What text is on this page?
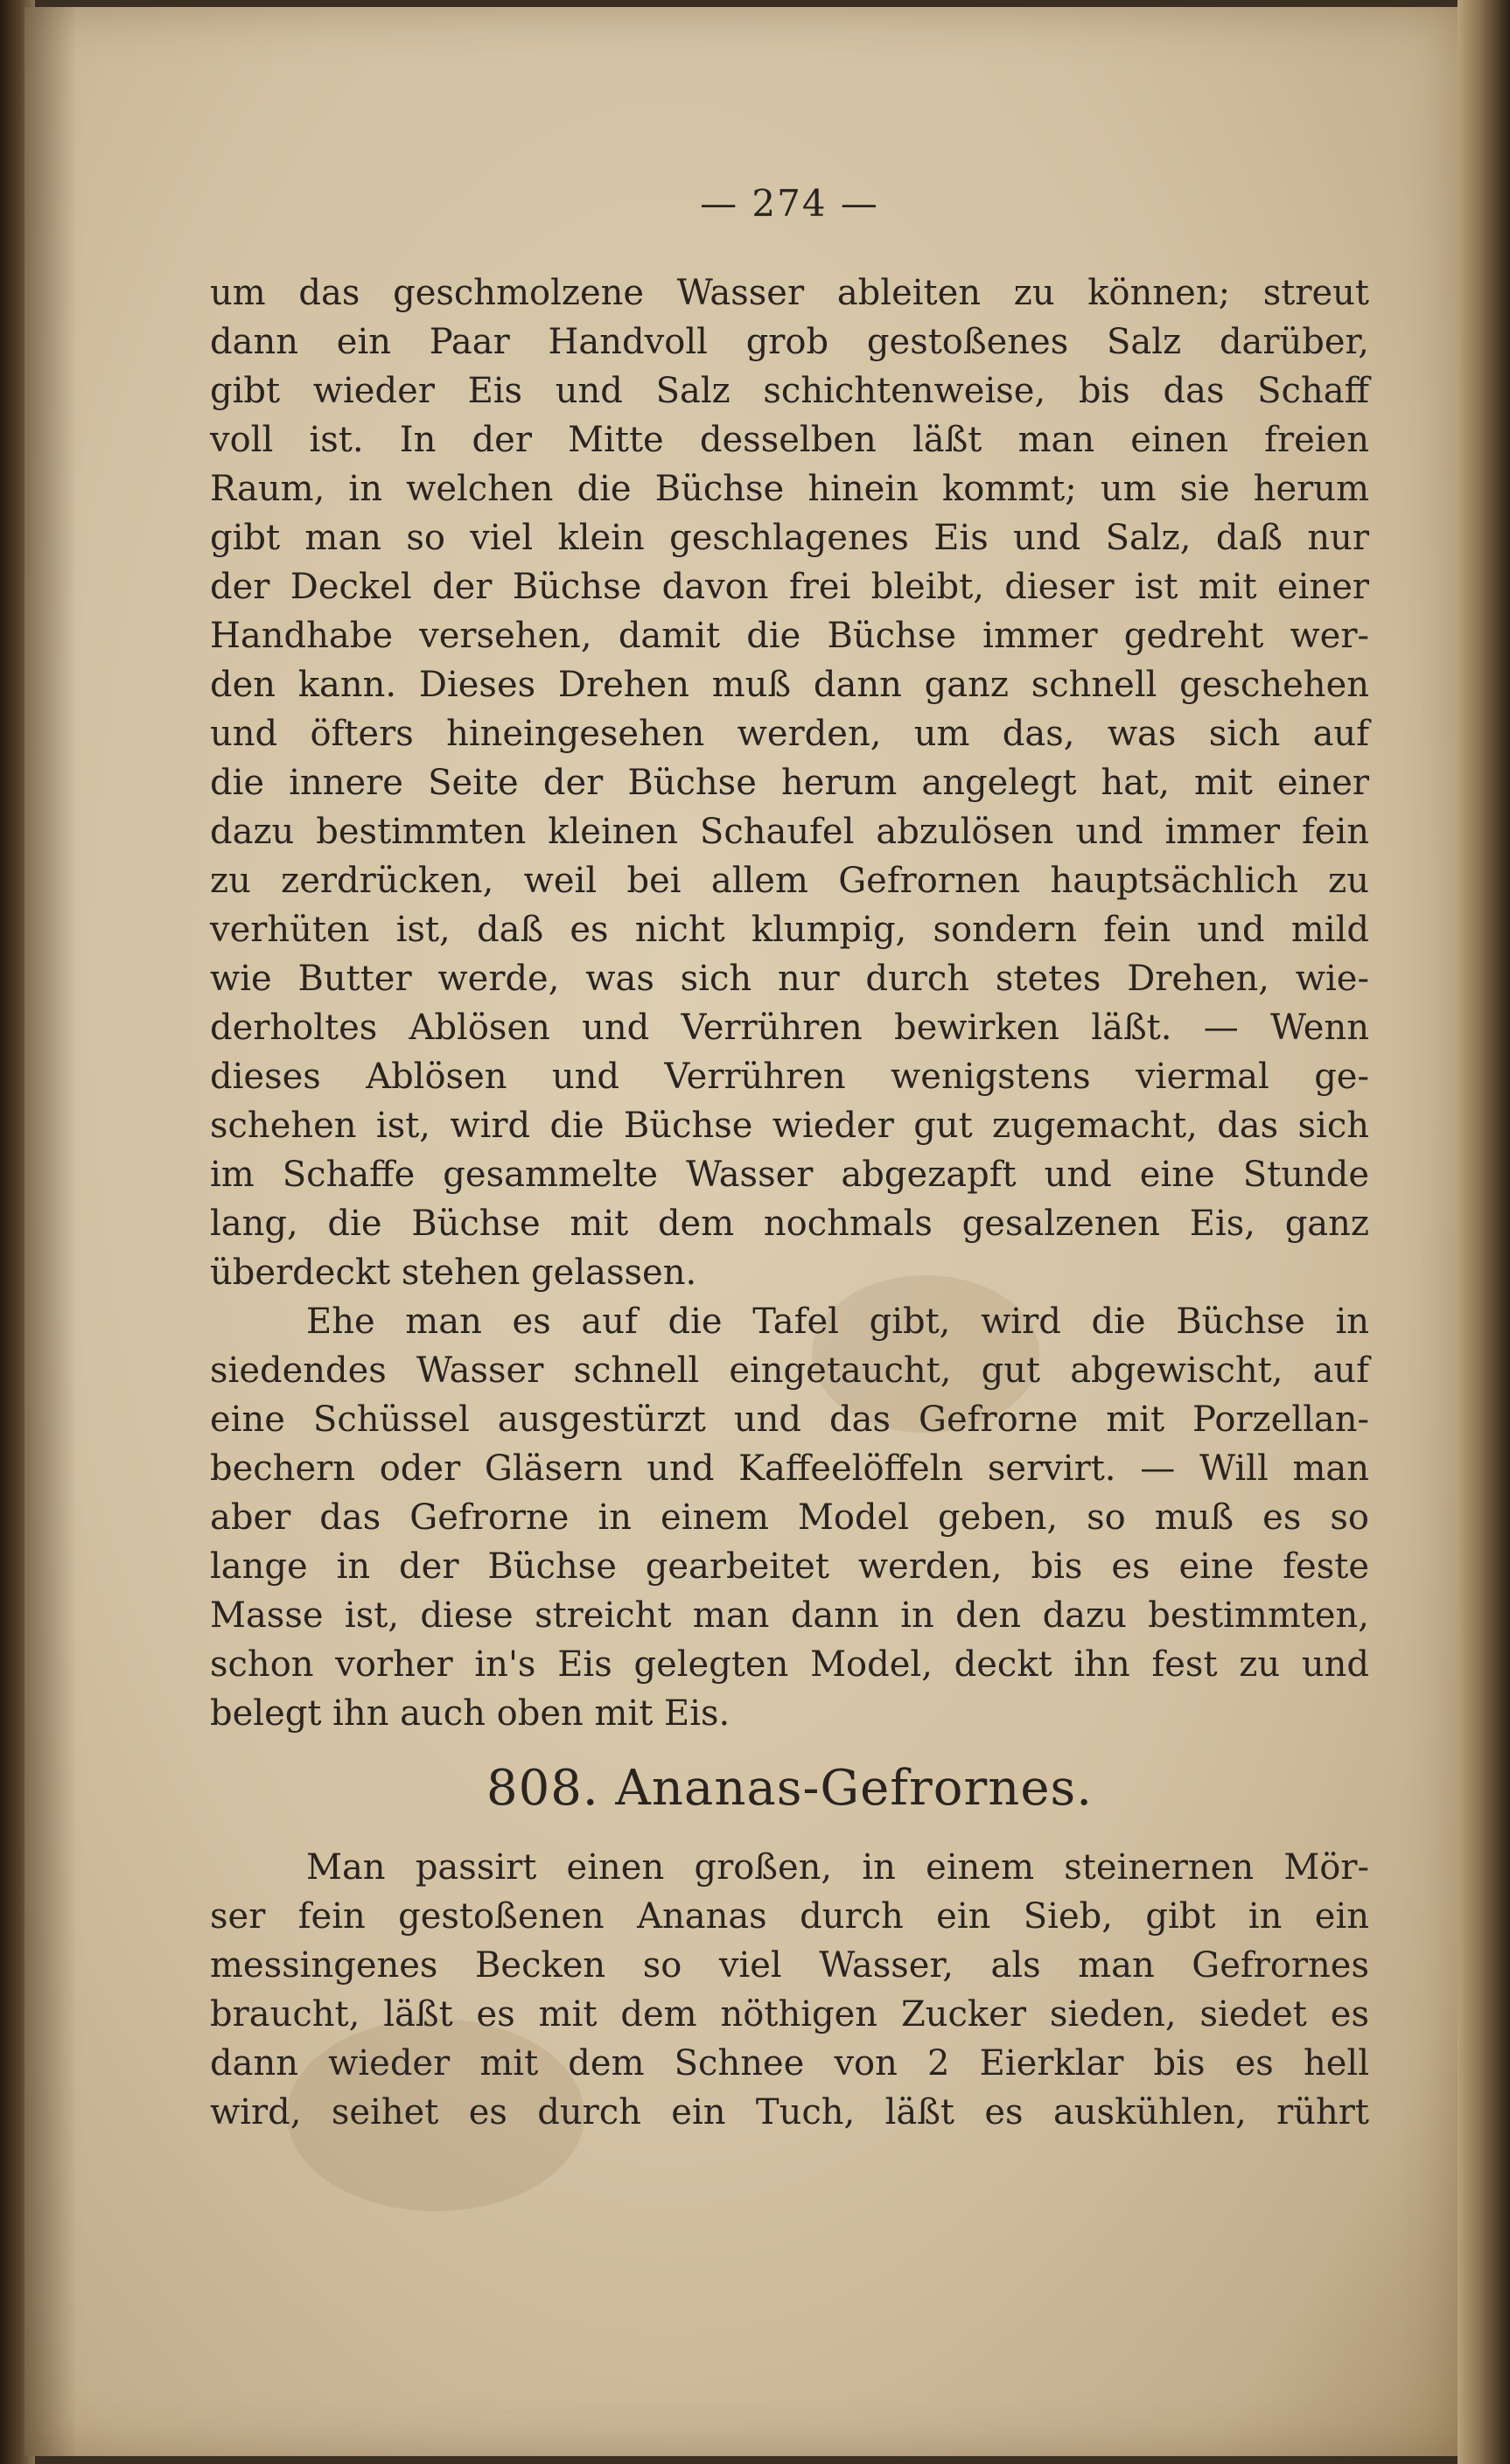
— 274 —
um das geschmolzene Wasser ableiten zu können; streut
dann ein Paar Handvoll grob gestoßenes Salz darüber,
gibt wieder Eis und Salz schichtenweise, bis das Schaff
voll ist. In der Mitte desselben läßt man einen freien
Raum, in welchen die Büchse hinein kommt; um sie herum
gibt man so viel klein geschlagenes Eis und Salz, daß nur
der Deckel der Büchse davon frei bleibt, dieser ist mit einer
Handhabe versehen, damit die Büchse immer gedreht wer-
den kann. Dieses Drehen muß dann ganz schnell geschehen
und öfters hineingesehen werden, um das, was sich auf
die innere Seite der Büchse herum angelegt hat, mit einer
dazu bestimmten kleinen Schaufel abzulösen und immer fein
zu zerdrücken, weil bei allem Gefrornen hauptsächlich zu
verhüten ist, daß es nicht klumpig, sondern fein und mild
wie Butter werde, was sich nur durch stetes Drehen, wie-
derholtes Ablösen und Verrühren bewirken läßt. — Wenn
dieses Ablösen und Verrühren wenigstens viermal ge-
schehen ist, wird die Büchse wieder gut zugemacht, das sich
im Schaffe gesammelte Wasser abgezapft und eine Stunde
lang, die Büchse mit dem nochmals gesalzenen Eis, ganz
überdeckt stehen gelassen.
Ehe man es auf die Tafel gibt, wird die Büchse in
siedendes Wasser schnell eingetaucht, gut abgewischt, auf
eine Schüssel ausgestürzt und das Gefrorne mit Porzellan-
bechern oder Gläsern und Kaffeelöffeln servirt. — Will man
aber das Gefrorne in einem Model geben, so muß es so
lange in der Büchse gearbeitet werden, bis es eine feste
Masse ist, diese streicht man dann in den dazu bestimmten,
schon vorher in's Eis gelegten Model, deckt ihn fest zu und
belegt ihn auch oben mit Eis.
808. Ananas-Gefrornes.
Man passirt einen großen, in einem steinernen Mör-
ser fein gestoßenen Ananas durch ein Sieb, gibt in ein
messingenes Becken so viel Wasser, als man Gefrornes
braucht, läßt es mit dem nöthigen Zucker sieden, siedet es
dann wieder mit dem Schnee von 2 Eierklar bis es hell
wird, seihet es durch ein Tuch, läßt es auskühlen, rührt
